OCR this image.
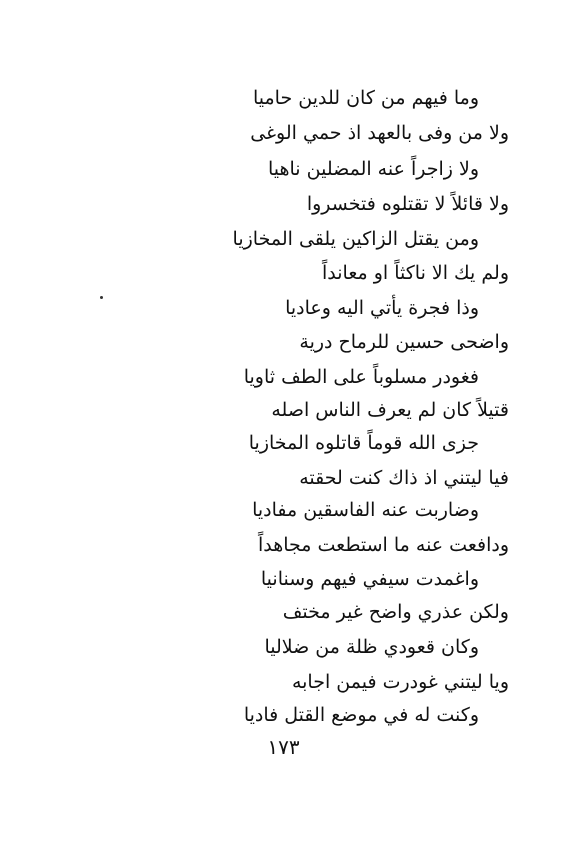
وما فيهم من كان للدين حاميا
ولا من وفى بالعهد اذ حمي الوغى
ولا زاجراً عنه المضلين ناهيا
ولا قائلاً لا تقتلوه فتخسروا
ومن يقتل الزاكين يلقى المخازيا
ولم يك الا ناكثاً او معانداً
وذا فجرة يأتي اليه وعاديا
واضحى حسين للرماح درية
فغودر مسلوباً على الطف ثاويا
قتيلاً كان لم يعرف الناس اصله
جزى الله قوماً قاتلوه المخازيا
فيا ليتني اذ ذاك كنت لحقته
وضاربت عنه الفاسقين مفاديا
ودافعت عنه ما استطعت مجاهداً
واغمدت سيفي فيهم وسنانيا
ولكن عذري واضح غير مختف
وكان قعودي ظلة من ضلاليا
ويا ليتني غودرت فيمن اجابه
وكنت له في موضع القتل فاديا
١٧٣
